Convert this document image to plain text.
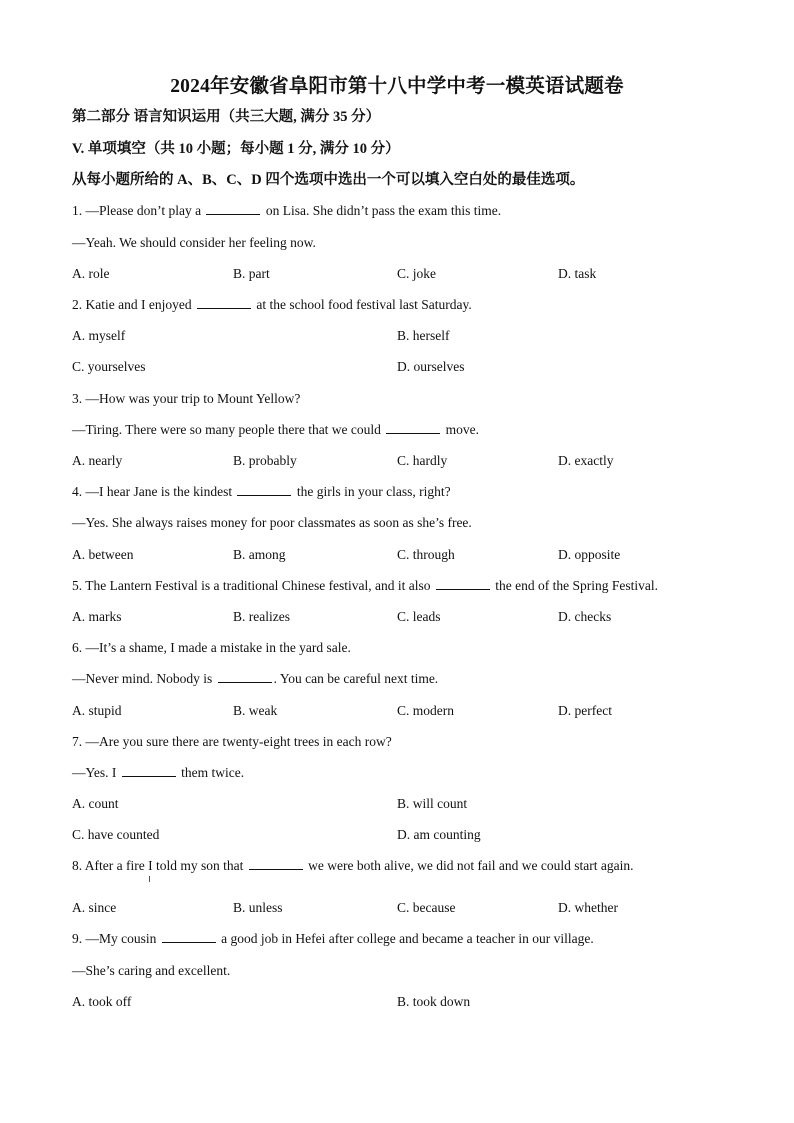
2024年安徽省阜阳市第十八中学中考一模英语试题卷
第二部分 语言知识运用（共三大题, 满分 35 分）
V. 单项填空（共 10 小题；每小题 1 分, 满分 10 分）
从每小题所给的 A、B、C、D 四个选项中选出一个可以填入空白处的最佳选项。
1. —Please don’t play a	on Lisa. She didn’t pass the exam this time.
—Yeah. We should consider her feeling now.
A. role	B. part	C. joke	D. task
2. Katie and I enjoyed	at the school food festival last Saturday.
A. myself	B. herself
C. yourselves	D. ourselves
3. —How was your trip to Mount Yellow?
—Tiring. There were so many people there that we could	move.
A. nearly	B. probably	C. hardly	D. exactly
4. —I hear Jane is the kindest	the girls in your class, right?
—Yes. She always raises money for poor classmates as soon as she’s free.
A. between	B. among	C. through	D. opposite
5. The Lantern Festival is a traditional Chinese festival, and it also	the end of the Spring Festival.
A. marks	B. realizes	C. leads	D. checks
6. —It’s a shame, I made a mistake in the yard sale.
—Never mind. Nobody is	. You can be careful next time.
A. stupid	B. weak	C. modern	D. perfect
7. —Are you sure there are twenty-eight trees in each row?
—Yes. I	them twice.
A. count	B. will count
C. have counted	D. am counting
8. After a fire I told my son that	we were both alive, we did not fail and we could start again.
A. since	B. unless	C. because	D. whether
9. —My cousin	a good job in Hefei after college and became a teacher in our village.
—She’s caring and excellent.
A. took off	B. took down
